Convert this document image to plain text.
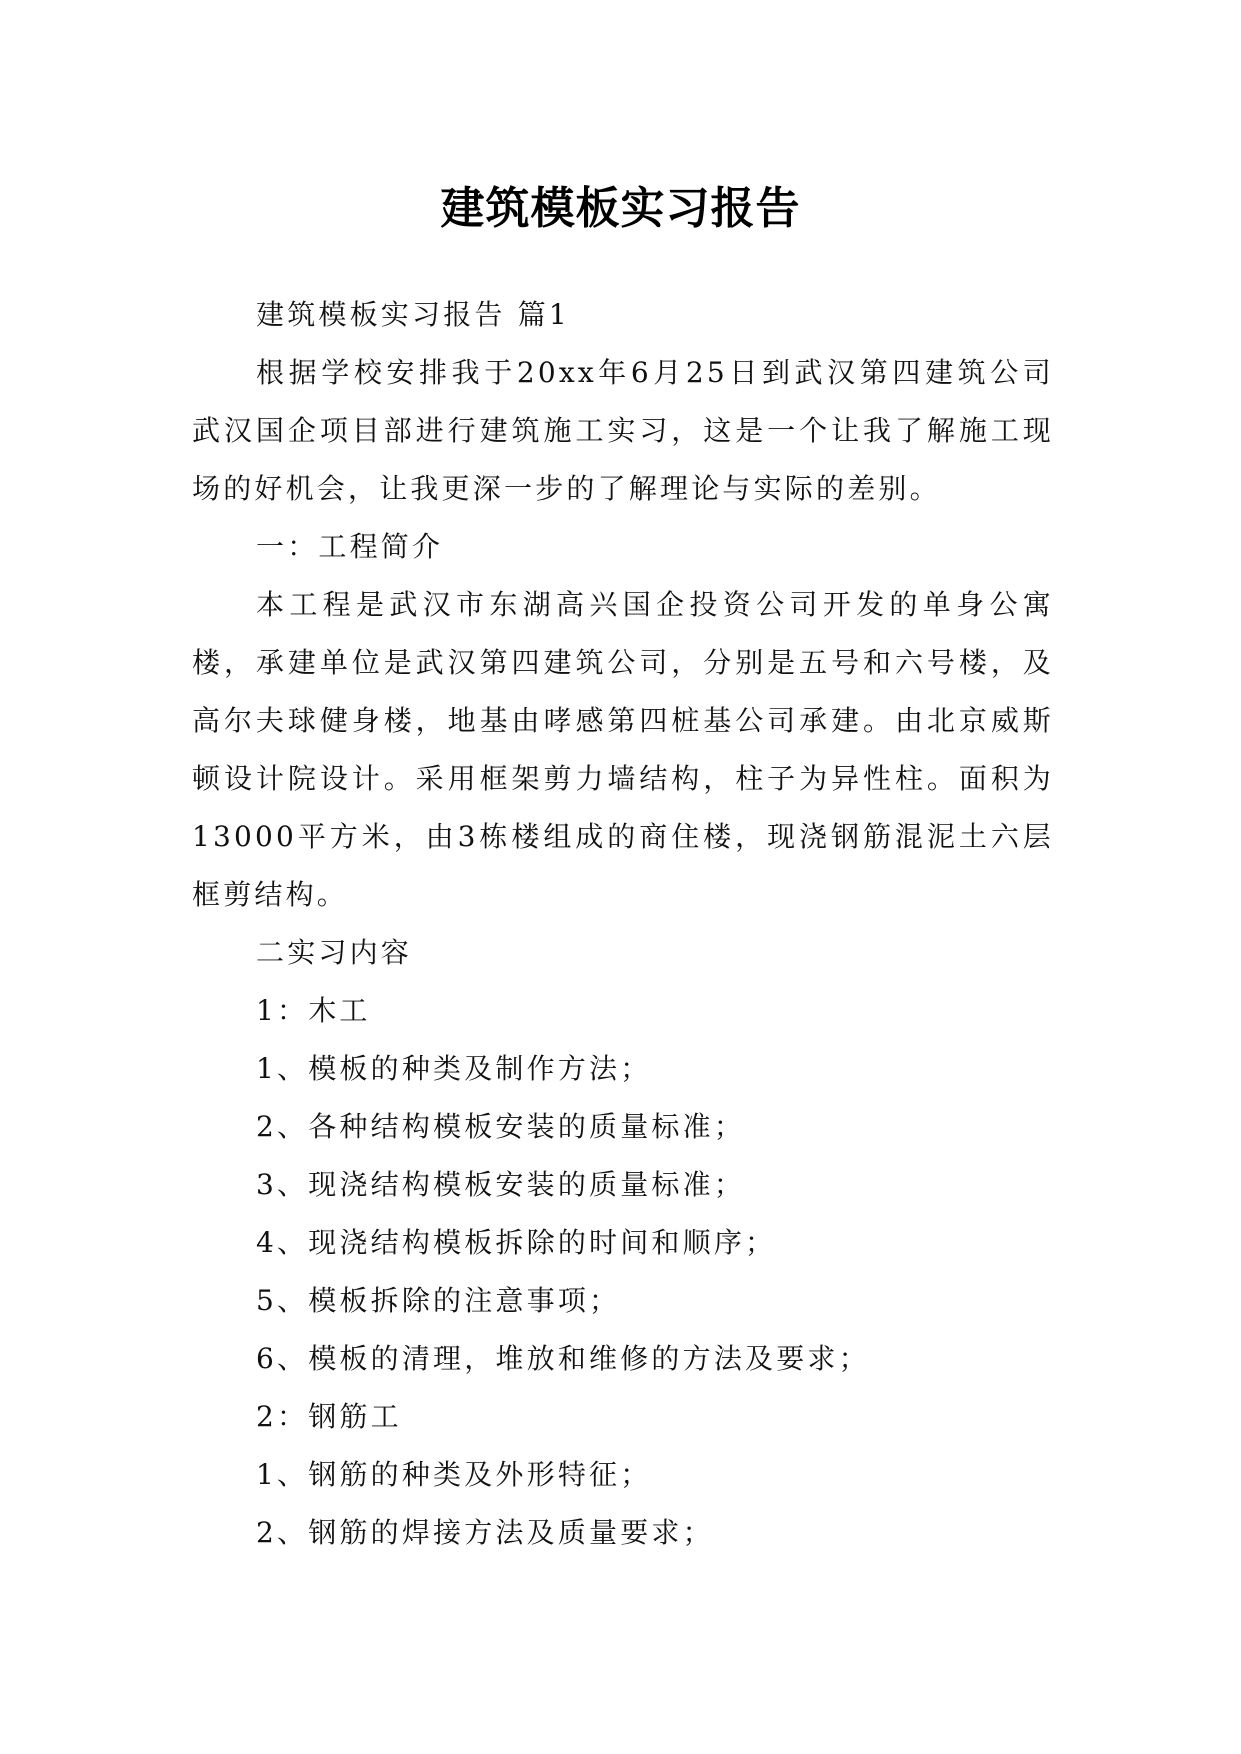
建筑模板实习报告

建筑模板实习报告 篇1

根据学校安排我于20xx年6月25日到武汉第四建筑公司武汉国企项目部进行建筑施工实习，这是一个让我了解施工现场的好机会，让我更深一步的了解理论与实际的差别。

一：工程简介

本工程是武汉市东湖高兴国企投资公司开发的单身公寓楼，承建单位是武汉第四建筑公司，分别是五号和六号楼，及高尔夫球健身楼，地基由哮感第四桩基公司承建。由北京威斯顿设计院设计。采用框架剪力墙结构，柱子为异性柱。面积为13000平方米，由3栋楼组成的商住楼，现浇钢筋混泥土六层框剪结构。

二实习内容

1：木工

1、模板的种类及制作方法；

2、各种结构模板安装的质量标准；

3、现浇结构模板安装的质量标准；

4、现浇结构模板拆除的时间和顺序；

5、模板拆除的注意事项；

6、模板的清理，堆放和维修的方法及要求；

2：钢筋工

1、钢筋的种类及外形特征；

2、钢筋的焊接方法及质量要求；
